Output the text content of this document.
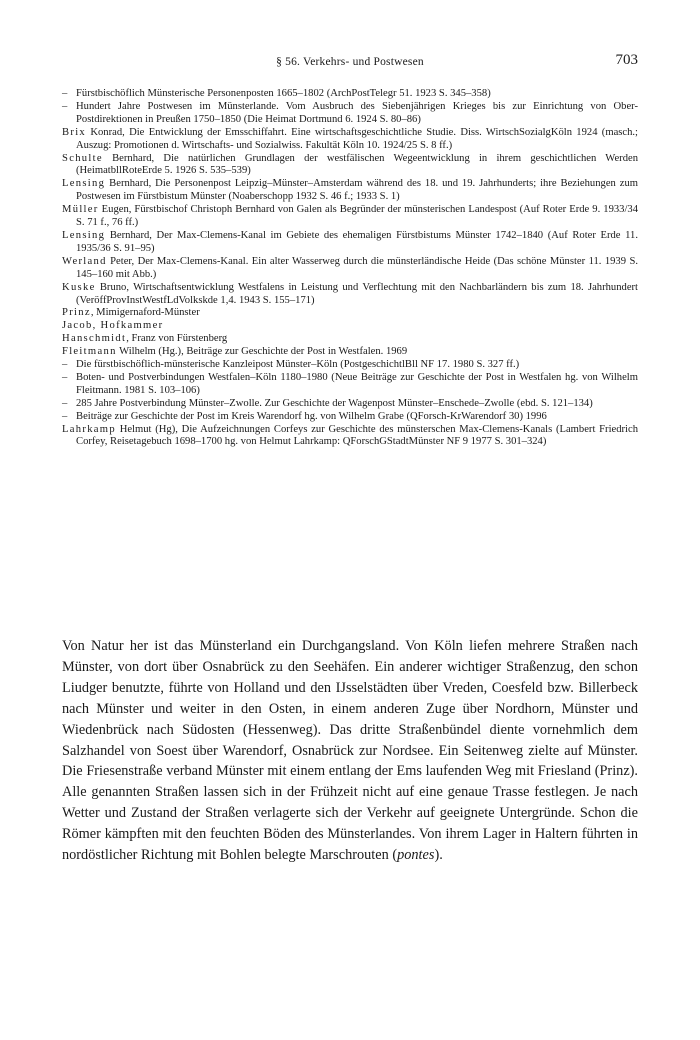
§ 56. Verkehrs- und Postwesen	703
– Fürstbischöflich Münsterische Personenposten 1665–1802 (ArchPostTelegr 51. 1923 S. 345–358)
– Hundert Jahre Postwesen im Münsterlande. Vom Ausbruch des Siebenjährigen Krieges bis zur Einrichtung von Ober-Postdirektionen in Preußen 1750–1850 (Die Heimat Dortmund 6. 1924 S. 80–86)
Brix Konrad, Die Entwicklung der Emsschiffahrt. Eine wirtschaftsgeschichtliche Studie. Diss. WirtschSozialgKöln 1924 (masch.; Auszug: Promotionen d. Wirtschafts- und Sozialwiss. Fakultät Köln 10. 1924/25 S. 8 ff.)
Schulte Bernhard, Die natürlichen Grundlagen der westfälischen Wegeentwicklung in ihrem geschichtlichen Werden (HeimatbllRoteErde 5. 1926 S. 535–539)
Lensing Bernhard, Die Personenpost Leipzig–Münster–Amsterdam während des 18. und 19. Jahrhunderts; ihre Beziehungen zum Postwesen im Fürstbistum Münster (Noaberschopp 1932 S. 46 f.; 1933 S. 1)
Müller Eugen, Fürstbischof Christoph Bernhard von Galen als Begründer der münsterischen Landespost (Auf Roter Erde 9. 1933/34 S. 71 f., 76 ff.)
Lensing Bernhard, Der Max-Clemens-Kanal im Gebiete des ehemaligen Fürstbistums Münster 1742–1840 (Auf Roter Erde 11. 1935/36 S. 91–95)
Werland Peter, Der Max-Clemens-Kanal. Ein alter Wasserweg durch die münsterländische Heide (Das schöne Münster 11. 1939 S. 145–160 mit Abb.)
Kuske Bruno, Wirtschaftsentwicklung Westfalens in Leistung und Verflechtung mit den Nachbarländern bis zum 18. Jahrhundert (VeröffProvInstWestfLdVolkskde 1,4. 1943 S. 155–171)
Prinz, Mimigernaford-Münster
Jacob, Hofkammer
Hanschmidt, Franz von Fürstenberg
Fleitmann Wilhelm (Hg.), Beiträge zur Geschichte der Post in Westfalen. 1969
– Die fürstbischöflich-münsterische Kanzleipost Münster–Köln (PostgeschichtlBll NF 17. 1980 S. 327 ff.)
– Boten- und Postverbindungen Westfalen–Köln 1180–1980 (Neue Beiträge zur Geschichte der Post in Westfalen hg. von Wilhelm Fleitmann. 1981 S. 103–106)
– 285 Jahre Postverbindung Münster–Zwolle. Zur Geschichte der Wagenpost Münster–Enschede–Zwolle (ebd. S. 121–134)
– Beiträge zur Geschichte der Post im Kreis Warendorf hg. von Wilhelm Grabe (QForsch-KrWarendorf 30) 1996
Lahrkamp Helmut (Hg), Die Aufzeichnungen Corfeys zur Geschichte des münsterschen Max-Clemens-Kanals (Lambert Friedrich Corfey, Reisetagebuch 1698–1700 hg. von Helmut Lahrkamp: QForschGStadtMünster NF 9 1977 S. 301–324)
Von Natur her ist das Münsterland ein Durchgangsland. Von Köln liefen mehrere Straßen nach Münster, von dort über Osnabrück zu den Seehäfen. Ein anderer wichtiger Straßenzug, den schon Liudger benutzte, führte von Holland und den IJsselstädten über Vreden, Coesfeld bzw. Billerbeck nach Münster und weiter in den Osten, in einem anderen Zuge über Nordhorn, Münster und Wiedenbrück nach Südosten (Hessenweg). Das dritte Straßenbündel diente vornehmlich dem Salzhandel von Soest über Warendorf, Osnabrück zur Nordsee. Ein Seitenweg zielte auf Münster. Die Friesenstraße verband Münster mit einem entlang der Ems laufenden Weg mit Friesland (Prinz). Alle genannten Straßen lassen sich in der Frühzeit nicht auf eine genaue Trasse festlegen. Je nach Wetter und Zustand der Straßen verlagerte sich der Verkehr auf geeignete Untergründe. Schon die Römer kämpften mit den feuchten Böden des Münsterlandes. Von ihrem Lager in Haltern führten in nordöstlicher Richtung mit Bohlen belegte Marschrouten (pontes).
